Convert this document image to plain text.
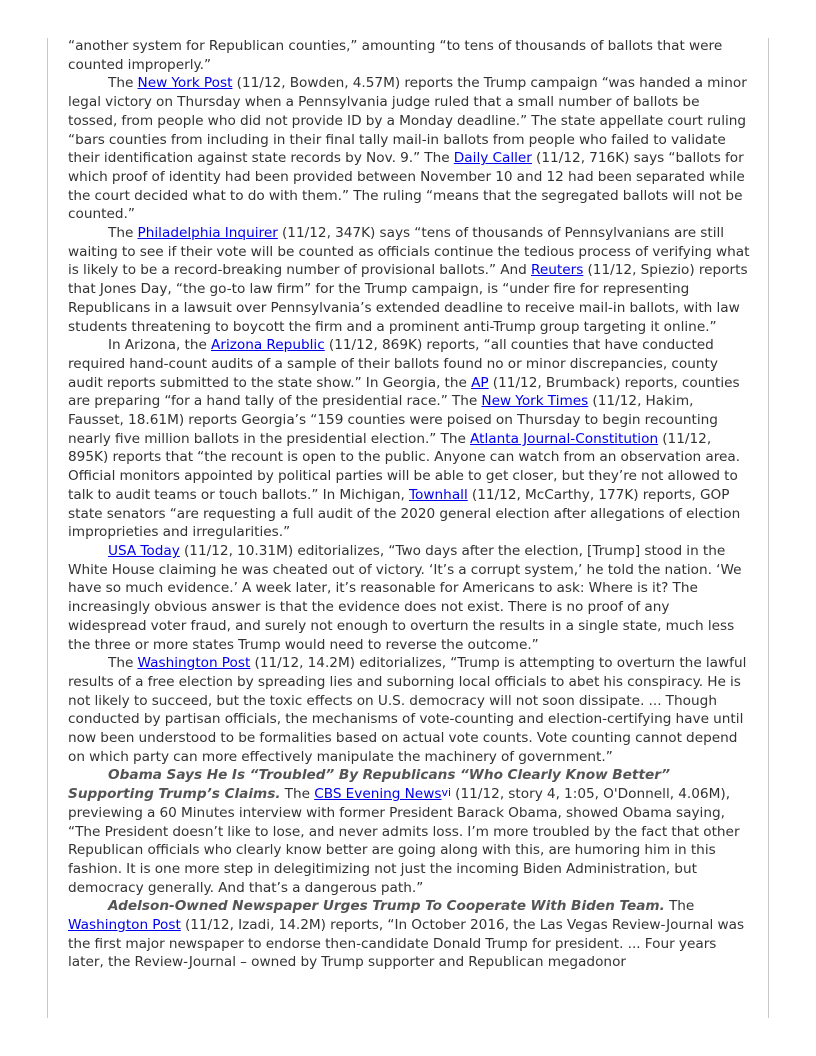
“another system for Republican counties,” amounting “to tens of thousands of ballots that were counted improperly.”

The New York Post (11/12, Bowden, 4.57M) reports the Trump campaign “was handed a minor legal victory on Thursday when a Pennsylvania judge ruled that a small number of ballots be tossed, from people who did not provide ID by a Monday deadline.” The state appellate court ruling “bars counties from including in their final tally mail-in ballots from people who failed to validate their identification against state records by Nov. 9.” The Daily Caller (11/12, 716K) says “ballots for which proof of identity had been provided between November 10 and 12 had been separated while the court decided what to do with them.” The ruling “means that the segregated ballots will not be counted.”

The Philadelphia Inquirer (11/12, 347K) says “tens of thousands of Pennsylvanians are still waiting to see if their vote will be counted as officials continue the tedious process of verifying what is likely to be a record-breaking number of provisional ballots.” And Reuters (11/12, Spiezio) reports that Jones Day, “the go-to law firm” for the Trump campaign, is “under fire for representing Republicans in a lawsuit over Pennsylvania’s extended deadline to receive mail-in ballots, with law students threatening to boycott the firm and a prominent anti-Trump group targeting it online.”

In Arizona, the Arizona Republic (11/12, 869K) reports, “all counties that have conducted required hand-count audits of a sample of their ballots found no or minor discrepancies, county audit reports submitted to the state show.” In Georgia, the AP (11/12, Brumback) reports, counties are preparing “for a hand tally of the presidential race.” The New York Times (11/12, Hakim, Fausset, 18.61M) reports Georgia’s “159 counties were poised on Thursday to begin recounting nearly five million ballots in the presidential election.” The Atlanta Journal-Constitution (11/12, 895K) reports that “the recount is open to the public. Anyone can watch from an observation area. Official monitors appointed by political parties will be able to get closer, but they’re not allowed to talk to audit teams or touch ballots.” In Michigan, Townhall (11/12, McCarthy, 177K) reports, GOP state senators “are requesting a full audit of the 2020 general election after allegations of election improprieties and irregularities.”

USA Today (11/12, 10.31M) editorializes, “Two days after the election, [Trump] stood in the White House claiming he was cheated out of victory. ‘It’s a corrupt system,’ he told the nation. ‘We have so much evidence.’ A week later, it’s reasonable for Americans to ask: Where is it? The increasingly obvious answer is that the evidence does not exist. There is no proof of any widespread voter fraud, and surely not enough to overturn the results in a single state, much less the three or more states Trump would need to reverse the outcome.”

The Washington Post (11/12, 14.2M) editorializes, “Trump is attempting to overturn the lawful results of a free election by spreading lies and suborning local officials to abet his conspiracy. He is not likely to succeed, but the toxic effects on U.S. democracy will not soon dissipate. ... Though conducted by partisan officials, the mechanisms of vote-counting and election-certifying have until now been understood to be formalities based on actual vote counts. Vote counting cannot depend on which party can more effectively manipulate the machinery of government.”

Obama Says He Is “Troubled” By Republicans “Who Clearly Know Better” Supporting Trump’s Claims. The CBS Evening News$^{vi}$ (11/12, story 4, 1:05, O'Donnell, 4.06M), previewing a 60 Minutes interview with former President Barack Obama, showed Obama saying, “The President doesn’t like to lose, and never admits loss. I’m more troubled by the fact that other Republican officials who clearly know better are going along with this, are humoring him in this fashion. It is one more step in delegitimizing not just the incoming Biden Administration, but democracy generally. And that’s a dangerous path.”

Adelson-Owned Newspaper Urges Trump To Cooperate With Biden Team. The Washington Post (11/12, Izadi, 14.2M) reports, “In October 2016, the Las Vegas Review-Journal was the first major newspaper to endorse then-candidate Donald Trump for president. ... Four years later, the Review-Journal – owned by Trump supporter and Republican megadonor
